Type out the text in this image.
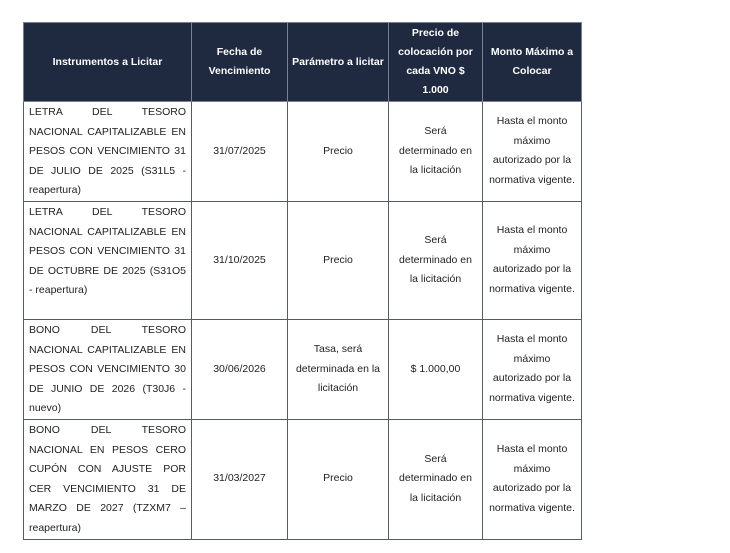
Instrumentos a Licitar	Fecha de Vencimiento	Parámetro a licitar	Precio de colocación por cada VNO $ 1.000	Monto Máximo a Colocar
LETRA DEL TESORO NACIONAL CAPITALIZABLE EN PESOS CON VENCIMIENTO 31 DE JULIO DE 2025 (S31L5 - reapertura)	31/07/2025	Precio	Será determinado en la licitación	Hasta el monto máximo autorizado por la normativa vigente.
LETRA DEL TESORO NACIONAL CAPITALIZABLE EN PESOS CON VENCIMIENTO 31 DE OCTUBRE DE 2025 (S31O5 - reapertura)	31/10/2025	Precio	Será determinado en la licitación	Hasta el monto máximo autorizado por la normativa vigente.
BONO DEL TESORO NACIONAL CAPITALIZABLE EN PESOS CON VENCIMIENTO 30 DE JUNIO DE 2026 (T30J6 - nuevo)	30/06/2026	Tasa, será determinada en la licitación	$ 1.000,00	Hasta el monto máximo autorizado por la normativa vigente.
BONO DEL TESORO NACIONAL EN PESOS CERO CUPÓN CON AJUSTE POR CER VENCIMIENTO 31 DE MARZO DE 2027 (TZXM7 – reapertura)	31/03/2027	Precio	Será determinado en la licitación	Hasta el monto máximo autorizado por la normativa vigente.
